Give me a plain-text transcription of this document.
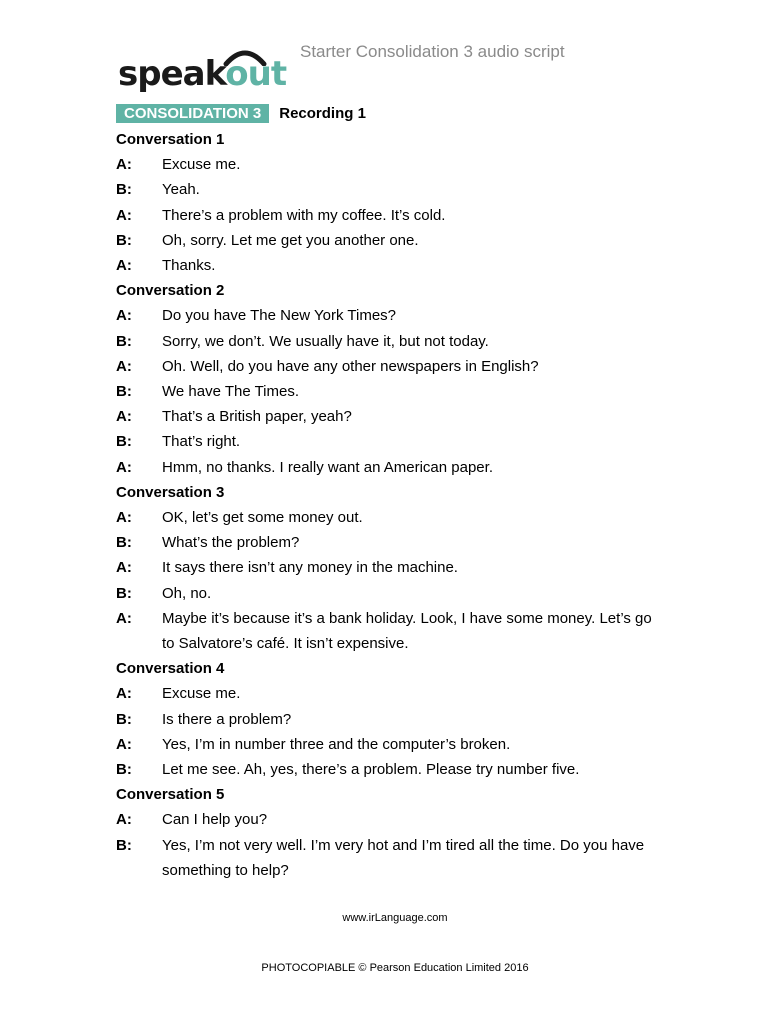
speakout
Starter Consolidation 3 audio script
CONSOLIDATION 3	Recording 1
Conversation 1
A:	Excuse me.
B:	Yeah.
A:	There’s a problem with my coffee. It’s cold.
B:	Oh, sorry. Let me get you another one.
A:	Thanks.
Conversation 2
A:	Do you have The New York Times?
B:	Sorry, we don’t. We usually have it, but not today.
A:	Oh. Well, do you have any other newspapers in English?
B:	We have The Times.
A:	That’s a British paper, yeah?
B:	That’s right.
A:	Hmm, no thanks. I really want an American paper.
Conversation 3
A:	OK, let’s get some money out.
B:	What’s the problem?
A:	It says there isn’t any money in the machine.
B:	Oh, no.
A:	Maybe it’s because it’s a bank holiday. Look, I have some money. Let’s go to Salvatore’s café. It isn’t expensive.
Conversation 4
A:	Excuse me.
B:	Is there a problem?
A:	Yes, I’m in number three and the computer’s broken.
B:	Let me see. Ah, yes, there’s a problem. Please try number five.
Conversation 5
A:	Can I help you?
B:	Yes, I’m not very well. I’m very hot and I’m tired all the time. Do you have something to help?
www.irLanguage.com
PHOTOCOPIABLE © Pearson Education Limited 2016
